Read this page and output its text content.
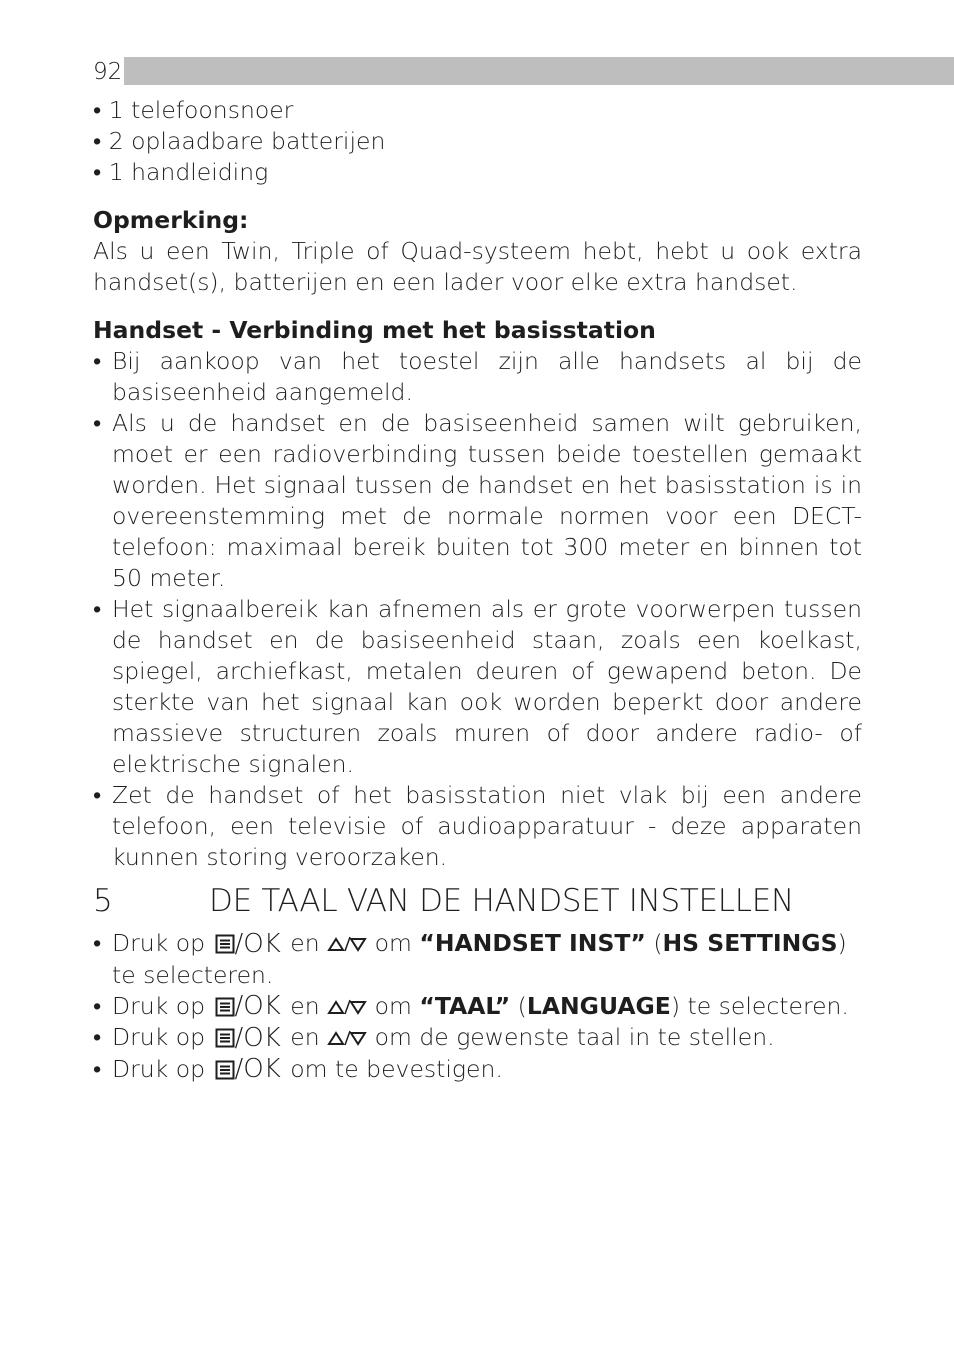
92
• 1 telefoonsnoer
• 2 oplaadbare batterijen
• 1 handleiding

Opmerking:

Als u een Twin, Triple of Quad-systeem hebt, hebt u ook extra handset(s), batterijen en een lader voor elke extra handset.

Handset - Verbinding met het basisstation

• Bij aankoop van het toestel zijn alle handsets al bij de basiseenheid aangemeld.
• Als u de handset en de basiseenheid samen wilt gebruiken, moet er een radioverbinding tussen beide toestellen gemaakt worden. Het signaal tussen de handset en het basisstation is in overeenstemming met de normale normen voor een DECT-telefoon: maximaal bereik buiten tot 300 meter en binnen tot 50 meter.
• Het signaalbereik kan afnemen als er grote voorwerpen tussen de handset en de basiseenheid staan, zoals een koelkast, spiegel, archiefkast, metalen deuren of gewapend beton. De sterkte van het signaal kan ook worden beperkt door andere massieve structuren zoals muren of door andere radio- of elektrische signalen.
• Zet de handset of het basisstation niet vlak bij een andere telefoon, een televisie of audioapparatuur - deze apparaten kunnen storing veroorzaken.
5	DE TAAL VAN DE HANDSET INSTELLEN
• Druk op / OK en om “HANDSET INST” (HS SETTINGS) te selecteren.
• Druk op / OK en om “TAAL” (LANGUAGE) te selecteren.
• Druk op / OK en om de gewenste taal in te stellen.
• Druk op / OK om te bevestigen.
